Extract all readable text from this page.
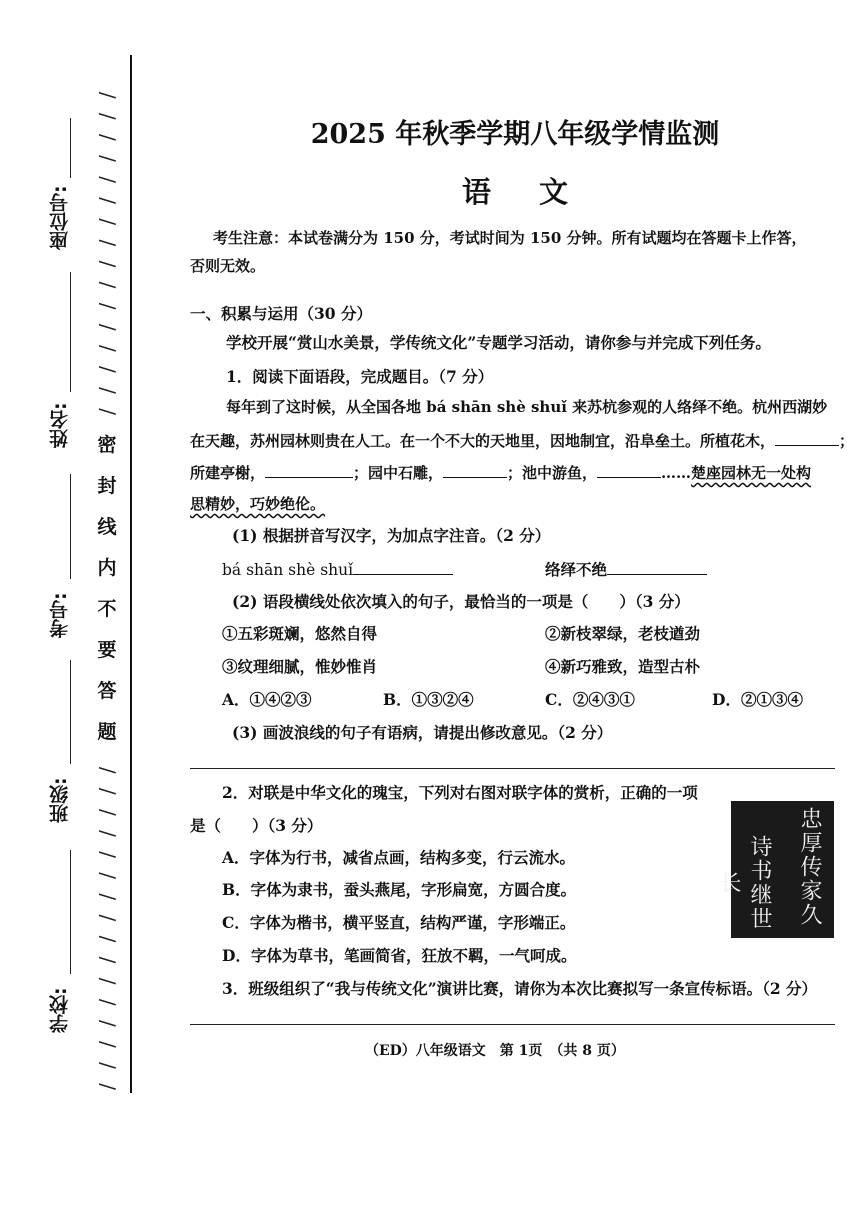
座位号:
姓名:
考号:
班级:
学校:
/ / / / / / / / / / / / / / / /
密
封
线
内
不
要
答
题
/ / / / / / / / / / / / / / / /
2025 年秋季学期八年级学情监测
语文
考生注意：本试卷满分为 150 分，考试时间为 150 分钟。所有试题均在答题卡上作答，
否则无效。
一、积累与运用（30 分）
学校开展“赏山水美景，学传统文化”专题学习活动，请你参与并完成下列任务。
1．阅读下面语段，完成题目。（7 分）
每年到了这时候，从全国各地 bá shān shè shuǐ 来苏杭参观的人络绎不绝。杭州西湖妙
在天趣，苏州园林则贵在人工。在一个不大的天地里，因地制宜，沿阜垒土。所植花木，	；
所建亭榭，	；园中石雕，	；池中游鱼，	……楚座园林无一处构
思精妙，巧妙绝伦。
(1) 根据拼音写汉字，为加点字注音。（2 分）
bá shān shè shuǐ	络绎不绝
(2) 语段横线处依次填入的句子，最恰当的一项是（　　）（3 分）
①五彩斑斓，悠然自得	②新枝翠绿，老枝遒劲
③纹理细腻，惟妙惟肖	④新巧雅致，造型古朴
A．①④②③	B．①③②④	C．②④③①	D．②①③④
(3) 画波浪线的句子有语病，请提出修改意见。（2 分）
2．对联是中华文化的瑰宝，下列对右图对联字体的赏析，正确的一项
是（　　）（3 分）
A．字体为行书，减省点画，结构多变，行云流水。
B．字体为隶书，蚕头燕尾，字形扁宽，方圆合度。
C．字体为楷书，横平竖直，结构严谨，字形端正。
D．字体为草书，笔画简省，狂放不羁，一气呵成。
忠厚传家久
诗书继世长
3．班级组织了“我与传统文化”演讲比赛，请你为本次比赛拟写一条宣传标语。（2 分）
（ED）八年级语文　第 1页　（共 8 页）
